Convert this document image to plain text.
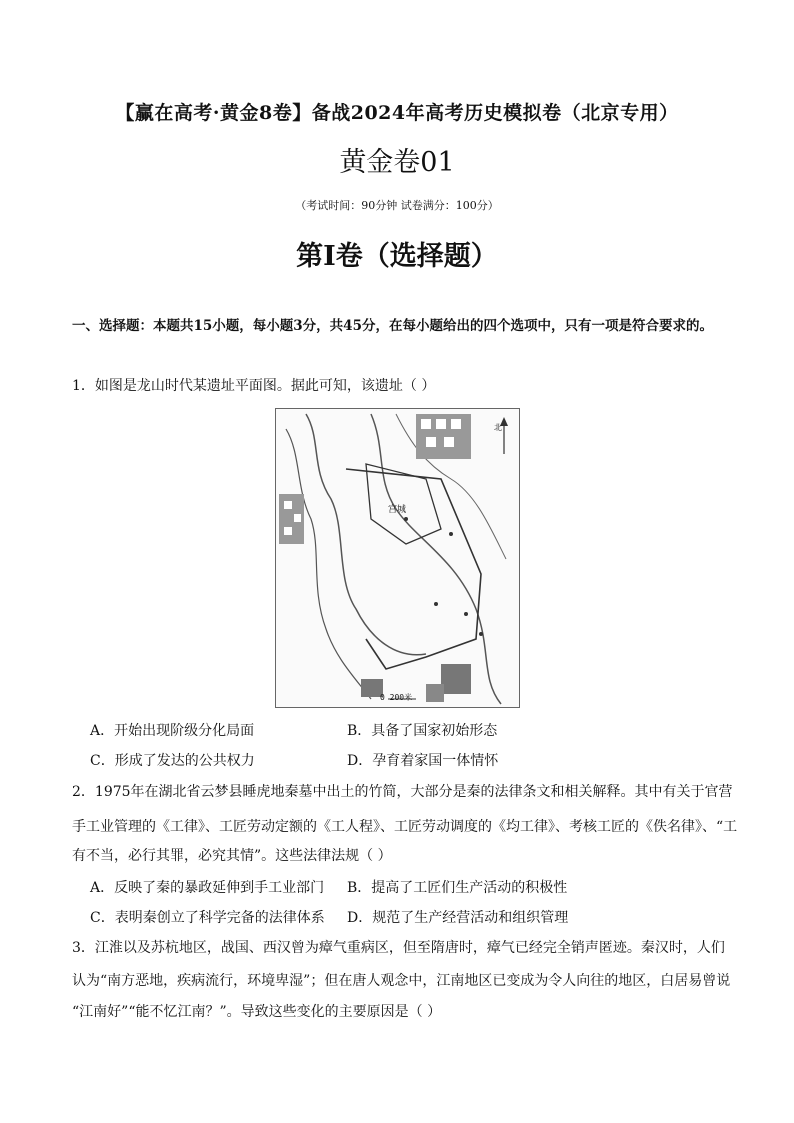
【赢在高考·黄金8卷】备战2024年高考历史模拟卷（北京专用）
黄金卷01
（考试时间：90分钟 试卷满分：100分）
第I卷（选择题）
一、选择题：本题共15小题，每小题3分，共45分，在每小题给出的四个选项中，只有一项是符合要求的。
1．如图是龙山时代某遗址平面图。据此可知，该遗址（ ）
宫城
北
0 200米
A．开始出现阶级分化局面	B．具备了国家初始形态
C．形成了发达的公共权力	D．孕育着家国一体情怀
2．1975年在湖北省云梦县睡虎地秦墓中出土的竹简，大部分是秦的法律条文和相关解释。其中有关于官营
手工业管理的《工律》、工匠劳动定额的《工人程》、工匠劳动调度的《均工律》、考核工匠的《佚名律》、“工
有不当，必行其罪，必究其情”。这些法律法规（ ）
A．反映了秦的暴政延伸到手工业部门 B．提高了工匠们生产活动的积极性
C．表明秦创立了科学完备的法律体系 D．规范了生产经营活动和组织管理
3．江淮以及苏杭地区，战国、西汉曾为瘴气重病区，但至隋唐时，瘴气已经完全销声匿迹。秦汉时，人们
认为“南方恶地，疾病流行，环境卑湿”；但在唐人观念中，江南地区已变成为令人向往的地区，白居易曾说
“江南好”“能不忆江南？”。导致这些变化的主要原因是（ ）
